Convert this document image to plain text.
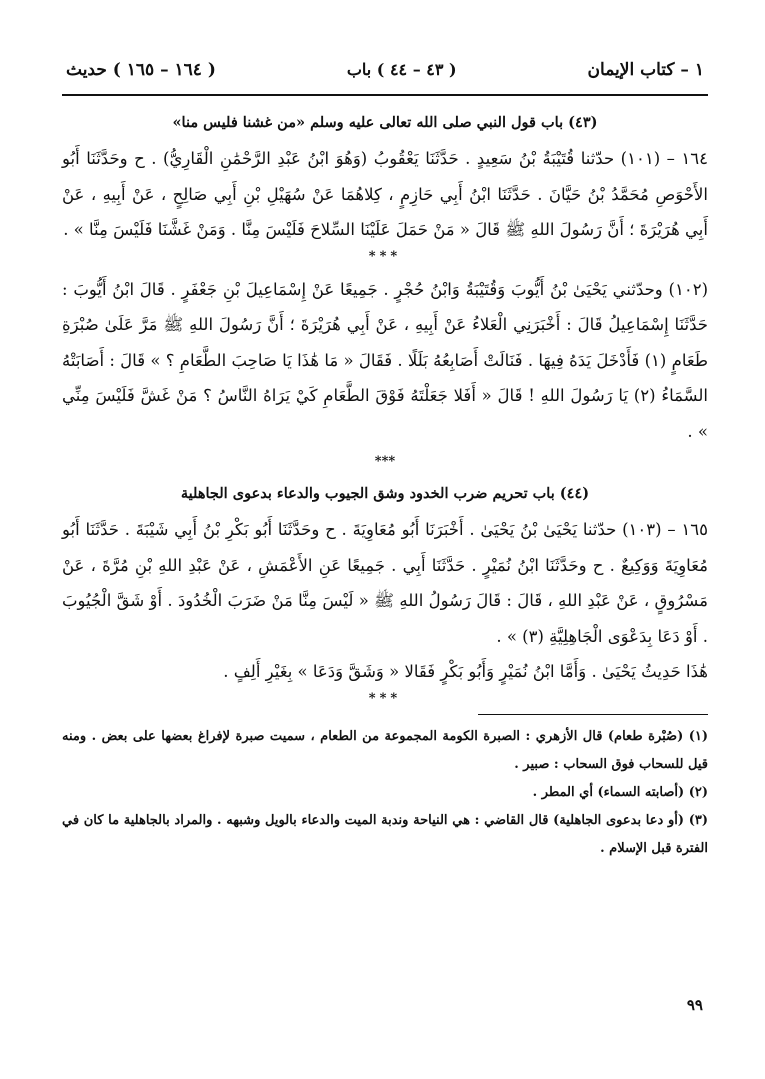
١ – كتاب الإيمان
( ٤٣ – ٤٤ ) باب
( ١٦٤ – ١٦٥ ) حديث
(٤٣) باب قول النبي صلى الله تعالى عليه وسلم «من غشنا فليس منا»

١٦٤ – (١٠١) حدّثنا قُتَيْبَةُ بْنُ سَعِيدٍ . حَدَّثَنَا يَعْقُوبُ (وَهُوَ ابْنُ عَبْدِ الرَّحْمَٰنِ الْقَارِيُّ) . ح وحَدَّثَنَا أَبُو الأَحْوَصِ مُحَمَّدُ بْنُ حَيَّانَ . حَدَّثَنَا ابْنُ أَبِي حَازِمٍ ، كِلاهُمَا عَنْ سُهَيْلِ بْنِ أَبِي صَالِحٍ ، عَنْ أَبِيهِ ، عَنْ أَبِي هُرَيْرَةَ ؛ أَنَّ رَسُولَ اللهِ ﷺ قَالَ « مَنْ حَمَلَ عَلَيْنَا السِّلاحَ فَلَيْسَ مِنَّا . وَمَنْ غَشَّنَا فَلَيْسَ مِنَّا » .

***

(١٠٢) وحدّثني يَحْيَىٰ بْنُ أَيُّوبَ وَقُتَيْبَةُ وَابْنُ حُجْرٍ . جَمِيعًا عَنْ إِسْمَاعِيلَ بْنِ جَعْفَرٍ . قَالَ ابْنُ أَيُّوبَ : حَدَّثَنَا إِسْمَاعِيلُ قَالَ : أَخْبَرَنِي الْعَلاءُ عَنْ أَبِيهِ ، عَنْ أَبِي هُرَيْرَةَ ؛ أَنَّ رَسُولَ اللهِ ﷺ مَرَّ عَلَىٰ صُبْرَةِ طَعَامٍ (١) فَأَدْخَلَ يَدَهُ فِيهَا . فَنَالَتْ أَصَابِعُهُ بَلَلًا . فَقَالَ « مَا هَٰذَا يَا صَاحِبَ الطَّعَامِ ؟ » قَالَ : أَصَابَتْهُ السَّمَاءُ (٢) يَا رَسُولَ اللهِ ! قَالَ « أَفَلا جَعَلْتَهُ فَوْقَ الطَّعَامِ كَيْ يَرَاهُ النَّاسُ ؟ مَنْ غَشَّ فَلَيْسَ مِنِّي » .

***
(٤٤) باب تحريم ضرب الخدود وشق الجيوب والدعاء بدعوى الجاهلية

١٦٥ – (١٠٣) حدّثنا يَحْيَىٰ بْنُ يَحْيَىٰ . أَخْبَرَنَا أَبُو مُعَاوِيَةَ . ح وحَدَّثَنَا أَبُو بَكْرِ بْنُ أَبِي شَيْبَةَ . حَدَّثَنَا أَبُو مُعَاوِيَةَ وَوَكِيعٌ . ح وحَدَّثَنَا ابْنُ نُمَيْرٍ . حَدَّثَنَا أَبِي . جَمِيعًا عَنِ الأَعْمَشِ ، عَنْ عَبْدِ اللهِ بْنِ مُرَّةَ ، عَنْ مَسْرُوقٍ ، عَنْ عَبْدِ اللهِ ، قَالَ : قَالَ رَسُولُ اللهِ ﷺ « لَيْسَ مِنَّا مَنْ ضَرَبَ الْخُدُودَ . أَوْ شَقَّ الْجُيُوبَ . أَوْ دَعَا بِدَعْوَى الْجَاهِلِيَّةِ (٣) » .

هَٰذَا حَدِيثُ يَحْيَىٰ . وَأَمَّا ابْنُ نُمَيْرٍ وَأَبُو بَكْرٍ فَقَالا « وَشَقَّ وَدَعَا » بِغَيْرِ أَلِفٍ .

***

(١) (صُبْرة طعام) قال الأزهري : الصبرة الكومة المجموعة من الطعام ، سميت صبرة لإفراغ بعضها على بعض . ومنه قيل للسحاب فوق السحاب : صبير .

(٢) (أصابته السماء) أي المطر .

(٣) (أو دعا بدعوى الجاهلية) قال القاضي : هي النياحة وندبة الميت والدعاء بالويل وشبهه . والمراد بالجاهلية ما كان في الفترة قبل الإسلام .

٩٩
